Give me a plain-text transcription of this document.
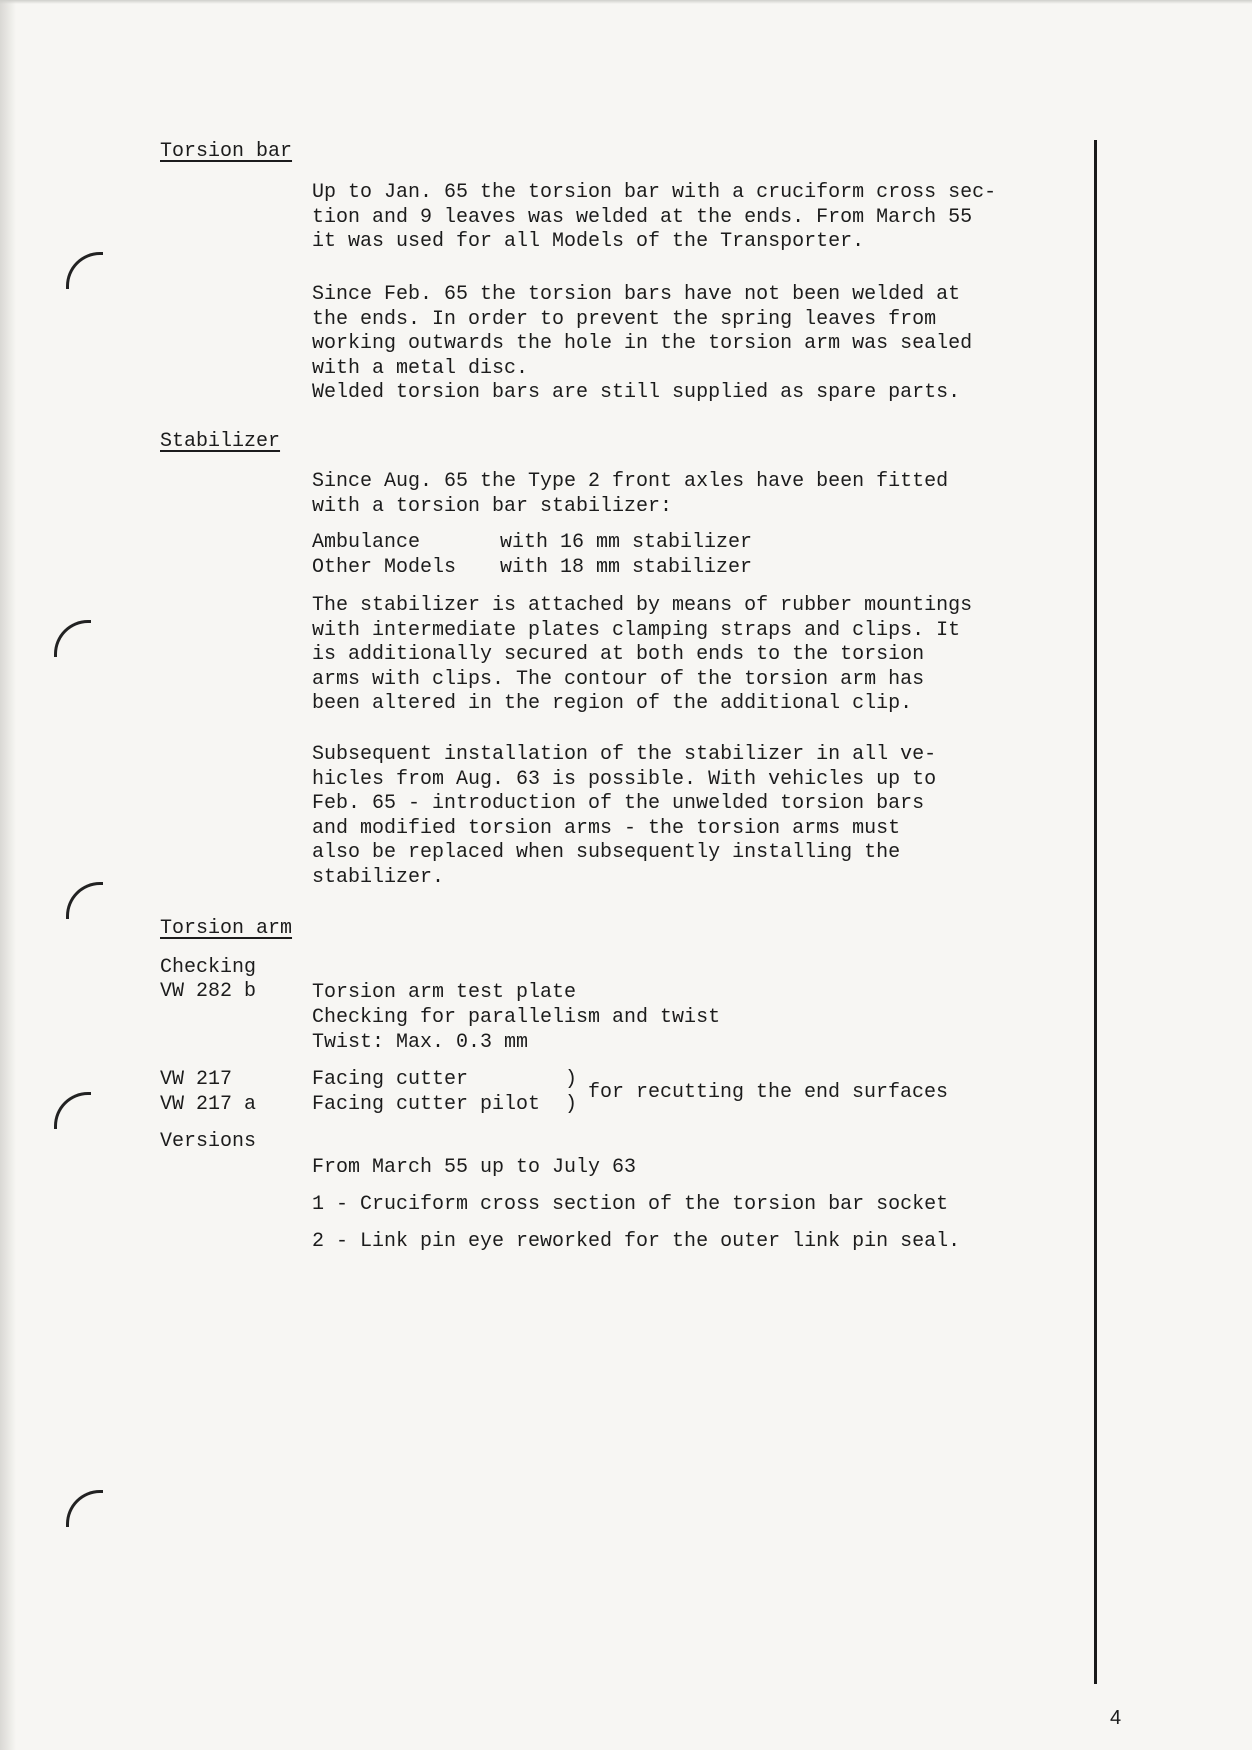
Torsion bar
Up to Jan. 65 the torsion bar with a cruciform cross sec-
tion and 9 leaves was welded at the ends. From March 55
it was used for all Models of the Transporter.
Since Feb. 65 the torsion bars have not been welded at
the ends. In order to prevent the spring leaves from
working outwards the hole in the torsion arm was sealed
with a metal disc.
Welded torsion bars are still supplied as spare parts.
Stabilizer
Since Aug. 65 the Type 2 front axles have been fitted
with a torsion bar stabilizer:
Ambulance	with 16 mm stabilizer
Other Models with 18 mm stabilizer
The stabilizer is attached by means of rubber mountings
with intermediate plates clamping straps and clips. It
is additionally secured at both ends to the torsion
arms with clips. The contour of the torsion arm has
been altered in the region of the additional clip.
Subsequent installation of the stabilizer in all ve-
hicles from Aug. 63 is possible. With vehicles up to
Feb. 65 - introduction of the unwelded torsion bars
and modified torsion arms - the torsion arms must
also be replaced when subsequently installing the
stabilizer.
Torsion arm
Checking
VW 282 b	Torsion arm test plate
Checking for parallelism and twist
Twist: Max. 0.3 mm
VW 217	Facing cutter
VW 217 a	Facing cutter pilot
)
)
for recutting the end surfaces
Versions
From March 55 up to July 63
1 - Cruciform cross section of the torsion bar socket
2 - Link pin eye reworked for the outer link pin seal.
4
